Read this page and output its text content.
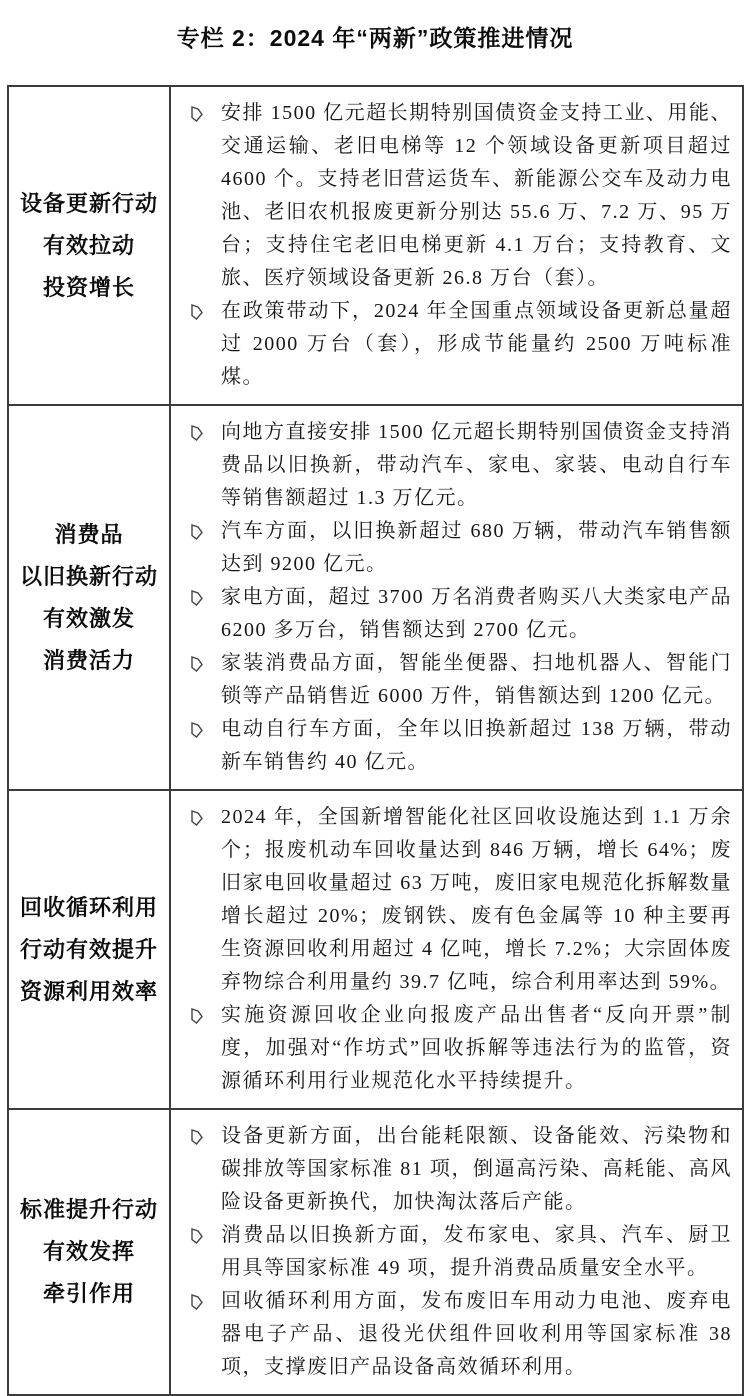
专栏 2：2024 年“两新”政策推进情况
设备更新行动
有效拉动
投资增长
安排 1500 亿元超长期特别国债资金支持工业、用能、交通运输、老旧电梯等 12 个领域设备更新项目超过 4600 个。支持老旧营运货车、新能源公交车及动力电池、老旧农机报废更新分别达 55.6 万、7.2 万、95 万台；支持住宅老旧电梯更新 4.1 万台；支持教育、文旅、医疗领域设备更新 26.8 万台（套）。
在政策带动下，2024 年全国重点领域设备更新总量超过 2000 万台（套），形成节能量约 2500 万吨标准煤。
消费品
以旧换新行动
有效激发
消费活力
向地方直接安排 1500 亿元超长期特别国债资金支持消费品以旧换新，带动汽车、家电、家装、电动自行车等销售额超过 1.3 万亿元。
汽车方面，以旧换新超过 680 万辆，带动汽车销售额达到 9200 亿元。
家电方面，超过 3700 万名消费者购买八大类家电产品 6200 多万台，销售额达到 2700 亿元。
家装消费品方面，智能坐便器、扫地机器人、智能门锁等产品销售近 6000 万件，销售额达到 1200 亿元。
电动自行车方面，全年以旧换新超过 138 万辆，带动新车销售约 40 亿元。
回收循环利用
行动有效提升
资源利用效率
2024 年，全国新增智能化社区回收设施达到 1.1 万余个；报废机动车回收量达到 846 万辆，增长 64%；废旧家电回收量超过 63 万吨，废旧家电规范化拆解数量增长超过 20%；废钢铁、废有色金属等 10 种主要再生资源回收利用超过 4 亿吨，增长 7.2%；大宗固体废弃物综合利用量约 39.7 亿吨，综合利用率达到 59%。
实施资源回收企业向报废产品出售者“反向开票”制度，加强对“作坊式”回收拆解等违法行为的监管，资源循环利用行业规范化水平持续提升。
标准提升行动
有效发挥
牵引作用
设备更新方面，出台能耗限额、设备能效、污染物和碳排放等国家标准 81 项，倒逼高污染、高耗能、高风险设备更新换代，加快淘汰落后产能。
消费品以旧换新方面，发布家电、家具、汽车、厨卫用具等国家标准 49 项，提升消费品质量安全水平。
回收循环利用方面，发布废旧车用动力电池、废弃电器电子产品、退役光伏组件回收利用等国家标准 38 项，支撑废旧产品设备高效循环利用。
